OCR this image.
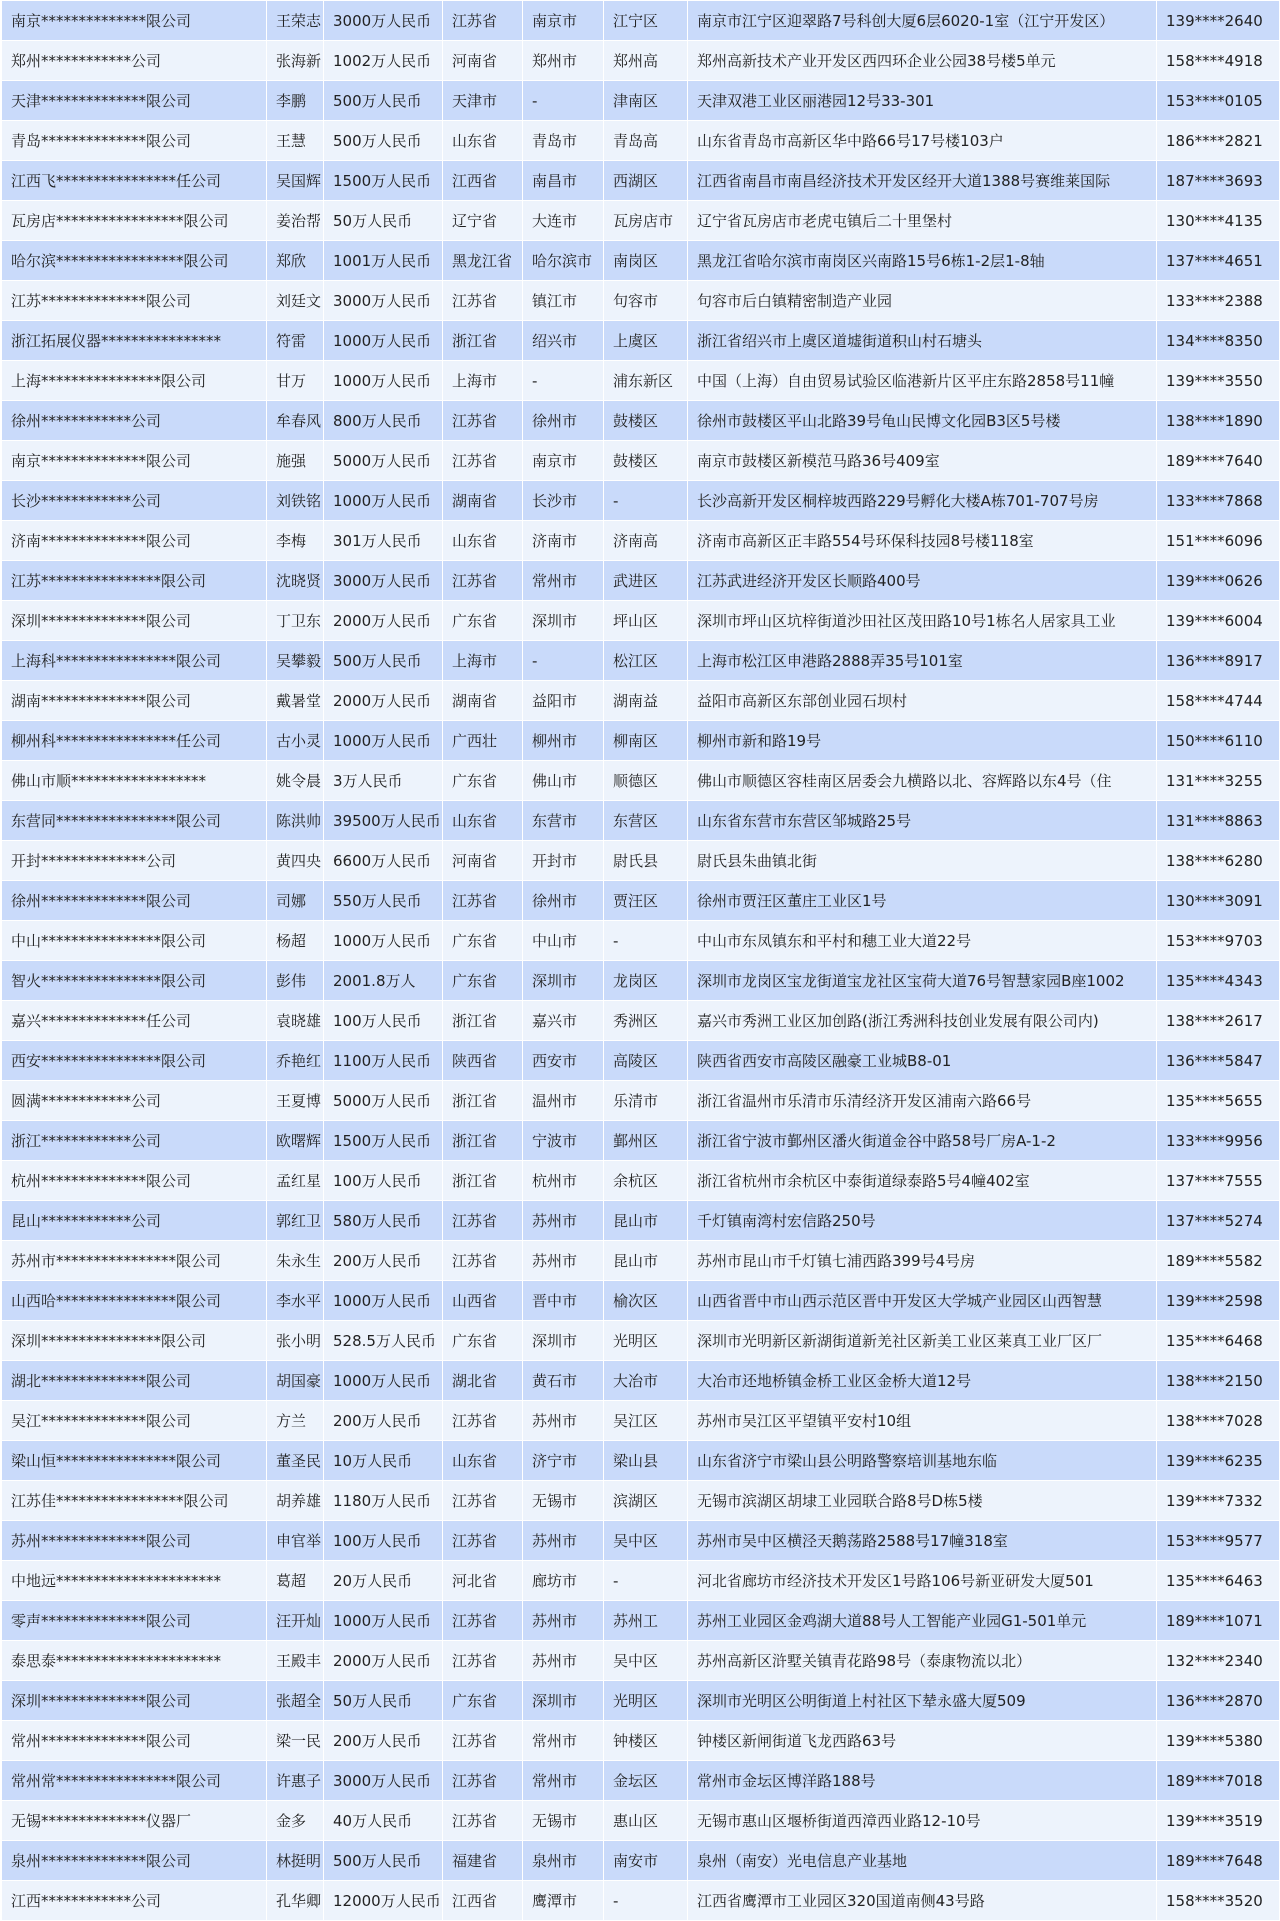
南京**************限公司	王荣志	3000万人民币	江苏省	南京市	江宁区	南京市江宁区迎翠路7号科创大厦6层6020-1室（江宁开发区）	139****2640
郑州************公司	张海新	1002万人民币	河南省	郑州市	郑州高	郑州高新技术产业开发区西四环企业公园38号楼5单元	158****4918
天津**************限公司	李鹏	500万人民币	天津市	-	津南区	天津双港工业区丽港园12号33-301	153****0105
青岛**************限公司	王慧	500万人民币	山东省	青岛市	青岛高	山东省青岛市高新区华中路66号17号楼103户	186****2821
江西飞****************任公司	吴国辉	1500万人民币	江西省	南昌市	西湖区	江西省南昌市南昌经济技术开发区经开大道1388号赛维莱国际	187****3693
瓦房店*****************限公司	姜治帮	50万人民币	辽宁省	大连市	瓦房店市	辽宁省瓦房店市老虎屯镇后二十里堡村	130****4135
哈尔滨*****************限公司	郑欣	1001万人民币	黑龙江省	哈尔滨市	南岗区	黑龙江省哈尔滨市南岗区兴南路15号6栋1-2层1-8轴	137****4651
江苏**************限公司	刘廷文	3000万人民币	江苏省	镇江市	句容市	句容市后白镇精密制造产业园	133****2388
浙江拓展仪器****************	符雷	1000万人民币	浙江省	绍兴市	上虞区	浙江省绍兴市上虞区道墟街道积山村石塘头	134****8350
上海****************限公司	甘万	1000万人民币	上海市	-	浦东新区	中国（上海）自由贸易试验区临港新片区平庄东路2858号11幢	139****3550
徐州************公司	牟春风	800万人民币	江苏省	徐州市	鼓楼区	徐州市鼓楼区平山北路39号龟山民博文化园B3区5号楼	138****1890
南京**************限公司	施强	5000万人民币	江苏省	南京市	鼓楼区	南京市鼓楼区新模范马路36号409室	189****7640
长沙************公司	刘铁铭	1000万人民币	湖南省	长沙市	-	长沙高新开发区桐梓坡西路229号孵化大楼A栋701-707号房	133****7868
济南**************限公司	李梅	301万人民币	山东省	济南市	济南高	济南市高新区正丰路554号环保科技园8号楼118室	151****6096
江苏****************限公司	沈晓贤	3000万人民币	江苏省	常州市	武进区	江苏武进经济开发区长顺路400号	139****0626
深圳**************限公司	丁卫东	2000万人民币	广东省	深圳市	坪山区	深圳市坪山区坑梓街道沙田社区茂田路10号1栋名人居家具工业	139****6004
上海科****************限公司	吴攀毅	500万人民币	上海市	-	松江区	上海市松江区申港路2888弄35号101室	136****8917
湖南**************限公司	戴暑堂	2000万人民币	湖南省	益阳市	湖南益	益阳市高新区东部创业园石坝村	158****4744
柳州科****************任公司	古小灵	1000万人民币	广西壮	柳州市	柳南区	柳州市新和路19号	150****6110
佛山市顺******************	姚令晨	3万人民币	广东省	佛山市	顺德区	佛山市顺德区容桂南区居委会九横路以北、容辉路以东4号（住	131****3255
东营同****************限公司	陈洪帅	39500万人民币	山东省	东营市	东营区	山东省东营市东营区邹城路25号	131****8863
开封**************公司	黄四央	6600万人民币	河南省	开封市	尉氏县	尉氏县朱曲镇北街	138****6280
徐州**************限公司	司娜	550万人民币	江苏省	徐州市	贾汪区	徐州市贾汪区董庄工业区1号	130****3091
中山****************限公司	杨超	1000万人民币	广东省	中山市	-	中山市东凤镇东和平村和穗工业大道22号	153****9703
智火****************限公司	彭伟	2001.8万人	广东省	深圳市	龙岗区	深圳市龙岗区宝龙街道宝龙社区宝荷大道76号智慧家园B座1002	135****4343
嘉兴**************任公司	袁晓雄	100万人民币	浙江省	嘉兴市	秀洲区	嘉兴市秀洲工业区加创路(浙江秀洲科技创业发展有限公司内)	138****2617
西安****************限公司	乔艳红	1100万人民币	陕西省	西安市	高陵区	陕西省西安市高陵区融豪工业城B8-01	136****5847
圆满************公司	王夏博	5000万人民币	浙江省	温州市	乐清市	浙江省温州市乐清市乐清经济开发区浦南六路66号	135****5655
浙江************公司	欧曙辉	1500万人民币	浙江省	宁波市	鄞州区	浙江省宁波市鄞州区潘火街道金谷中路58号厂房A-1-2	133****9956
杭州**************限公司	孟红星	100万人民币	浙江省	杭州市	余杭区	浙江省杭州市余杭区中泰街道绿泰路5号4幢402室	137****7555
昆山************公司	郭红卫	580万人民币	江苏省	苏州市	昆山市	千灯镇南湾村宏信路250号	137****5274
苏州市****************限公司	朱永生	200万人民币	江苏省	苏州市	昆山市	苏州市昆山市千灯镇七浦西路399号4号房	189****5582
山西哈****************限公司	李水平	1000万人民币	山西省	晋中市	榆次区	山西省晋中市山西示范区晋中开发区大学城产业园区山西智慧	139****2598
深圳****************限公司	张小明	528.5万人民币	广东省	深圳市	光明区	深圳市光明新区新湖街道新羌社区新美工业区莱真工业厂区厂	135****6468
湖北**************限公司	胡国豪	1000万人民币	湖北省	黄石市	大冶市	大冶市还地桥镇金桥工业区金桥大道12号	138****2150
吴江**************限公司	方兰	200万人民币	江苏省	苏州市	吴江区	苏州市吴江区平望镇平安村10组	138****7028
梁山恒****************限公司	董圣民	10万人民币	山东省	济宁市	梁山县	山东省济宁市梁山县公明路警察培训基地东临	139****6235
江苏佳*****************限公司	胡养雄	1180万人民币	江苏省	无锡市	滨湖区	无锡市滨湖区胡埭工业园联合路8号D栋5楼	139****7332
苏州**************限公司	申官举	100万人民币	江苏省	苏州市	吴中区	苏州市吴中区横泾天鹅荡路2588号17幢318室	153****9577
中地远**********************	葛超	20万人民币	河北省	廊坊市	-	河北省廊坊市经济技术开发区1号路106号新亚研发大厦501	135****6463
零声**************限公司	汪开灿	1000万人民币	江苏省	苏州市	苏州工	苏州工业园区金鸡湖大道88号人工智能产业园G1-501单元	189****1071
泰思泰**********************	王殿丰	2000万人民币	江苏省	苏州市	吴中区	苏州高新区浒墅关镇青花路98号（泰康物流以北）	132****2340
深圳**************限公司	张超全	50万人民币	广东省	深圳市	光明区	深圳市光明区公明街道上村社区下辇永盛大厦509	136****2870
常州**************限公司	梁一民	200万人民币	江苏省	常州市	钟楼区	钟楼区新闸街道飞龙西路63号	139****5380
常州常****************限公司	许惠子	3000万人民币	江苏省	常州市	金坛区	常州市金坛区博洋路188号	189****7018
无锡**************仪器厂	金多	40万人民币	江苏省	无锡市	惠山区	无锡市惠山区堰桥街道西漳西业路12-10号	139****3519
泉州**************限公司	林挺明	500万人民币	福建省	泉州市	南安市	泉州（南安）光电信息产业基地	189****7648
江西************公司	孔华卿	12000万人民币	江西省	鹰潭市	-	江西省鹰潭市工业园区320国道南侧43号路	158****3520
